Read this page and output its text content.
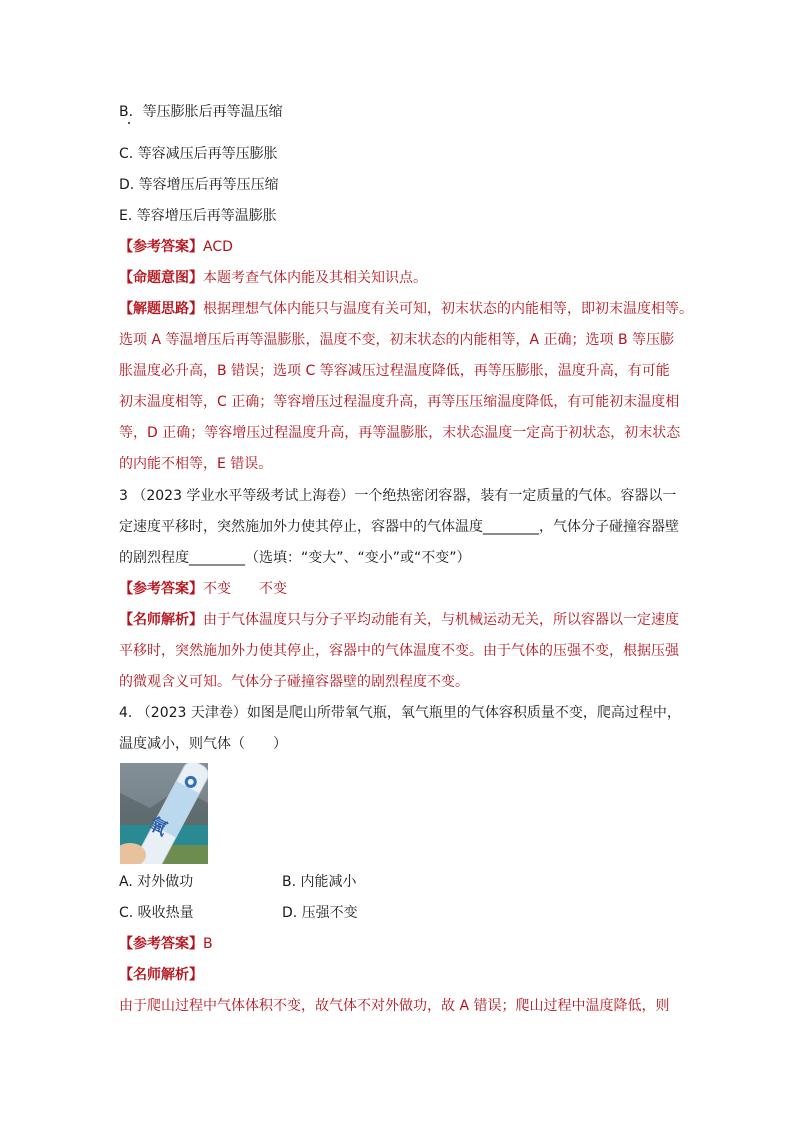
B．等压膨胀后再等温压缩
C. 等容减压后再等压膨胀
D. 等容增压后再等压压缩
E. 等容增压后再等温膨胀
【参考答案】ACD
【命题意图】本题考查气体内能及其相关知识点。
【解题思路】根据理想气体内能只与温度有关可知，初末状态的内能相等，即初末温度相等。
选项 A 等温增压后再等温膨胀，温度不变，初末状态的内能相等，A 正确；选项 B 等压膨
胀温度必升高，B 错误；选项 C 等容减压过程温度降低，再等压膨胀，温度升高，有可能
初末温度相等，C 正确；等容增压过程温度升高，再等压压缩温度降低，有可能初末温度相
等，D 正确；等容增压过程温度升高，再等温膨胀，末状态温度一定高于初状态，初末状态
的内能不相等，E 错误。
3 （2023 学业水平等级考试上海卷）一个绝热密闭容器，装有一定质量的气体。容器以一
定速度平移时，突然施加外力使其停止，容器中的气体温度________，气体分子碰撞容器壁
的剧烈程度________（选填：“变大”、“变小”或“不变”）
【参考答案】不变　　不变
【名师解析】由于气体温度只与分子平均动能有关，与机械运动无关，所以容器以一定速度
平移时，突然施加外力使其停止，容器中的气体温度不变。由于气体的压强不变，根据压强
的微观含义可知。气体分子碰撞容器壁的剧烈程度不变。
4. （2023 天津卷）如图是爬山所带氧气瓶，氧气瓶里的气体容积质量不变，爬高过程中，
温度减小，则气体（　　）
氧
A. 对外做功	B. 内能减小
C. 吸收热量	D. 压强不变
【参考答案】B
【名师解析】
由于爬山过程中气体体积不变，故气体不对外做功，故 A 错误；爬山过程中温度降低，则
